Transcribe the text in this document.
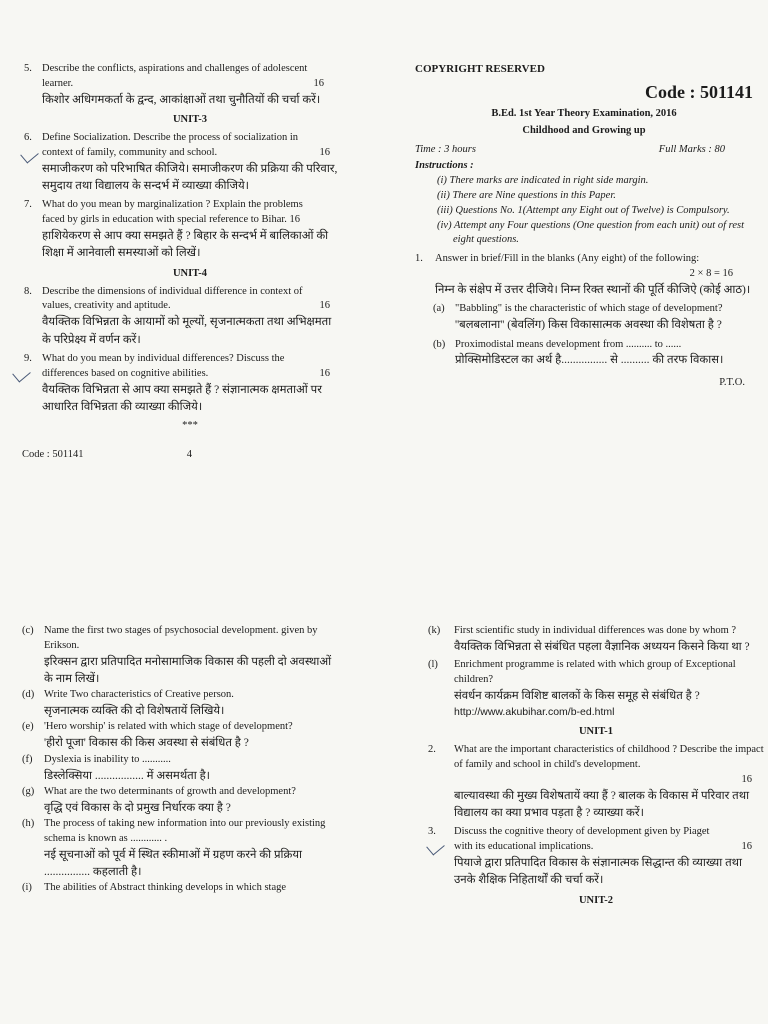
5. Describe the conflicts, aspirations and challenges of adolescent
learner.	16
किशोर अधिगमकर्ता के द्वन्द, आकांक्षाओं तथा चुनौतियों की चर्चा करें।
UNIT-3
6. Define Socialization. Describe the process of socialization in
context of family, community and school.	16
समाजीकरण को परिभाषित कीजिये। समाजीकरण की प्रक्रिया की परिवार, समुदाय तथा विद्यालय के सन्दर्भ में व्याख्या कीजिये।
7. What do you mean by marginalization ? Explain the problems
faced by girls in education with special reference to Bihar. 16
हाशियेकरण से आप क्या समझते हैं ? बिहार के सन्दर्भ में बालिकाओं की शिक्षा में आनेवाली समस्याओं को लिखें।
UNIT-4
8. Describe the dimensions of individual difference in context of
values, creativity and aptitude.	16
वैयक्तिक विभिन्नता के आयामों को मूल्यों, सृजनात्मकता तथा अभिक्षमता के परिप्रेक्ष्य में वर्णन करें।
9. What do you mean by individual differences? Discuss the
differences based on cognitive abilities.	16
वैयक्तिक विभिन्नता से आप क्या समझते हैं ? संज्ञानात्मक क्षमताओं पर आधारित विभिन्नता की व्याख्या कीजिये।
***
Code : 501141	4
COPYRIGHT RESERVED
Code : 501141
B.Ed. 1st Year Theory Examination, 2016
Childhood and Growing up
Time : 3 hours	Full Marks : 80
Instructions :
(i) There marks are indicated in right side margin.
(ii) There are Nine questions in this Paper.
(iii) Questions No. 1(Attempt any Eight out of Twelve) is Compulsory.
(iv) Attempt any Four questions (One question from each unit) out of rest eight questions.
1.	Answer in brief/Fill in the blanks (Any eight) of the following:
2 × 8 = 16
निम्न के संक्षेप में उत्तर दीजिये। निम्न रिक्त स्थानों की पूर्ति कीजिऐ (कोई आठ)।
(a) "Babbling" is the characteristic of which stage of development?
''बलबलाना'' (बेवलिंग) किस विकासात्मक अवस्था की विशेषता है ?
(b) Proximodistal means development from .......... to ......
प्रोक्सिमोडिस्टल का अर्थ है................ से .......... की तरफ विकास।
P.T.O.
(c) Name the first two stages of psychosocial development. given by Erikson.
इरिक्सन द्वारा प्रतिपादित मनोसामाजिक विकास की पहली दो अवस्थाओं के नाम लिखें।
(d) Write Two characteristics of Creative person.
सृजनात्मक व्यक्ति की दो विशेषतायें लिखिये।
(e) 'Hero worship' is related with which stage of development?
'हीरो पूजा' विकास की किस अवस्था से संबंधित है ?
(f) Dyslexia is inability to ...........
डिस्लेक्सिया ................. में असमर्थता है।
(g) What are the two determinants of growth and development?
वृद्धि एवं विकास के दो प्रमुख निर्धारक क्या है ?
(h) The process of taking new information into our previously existing schema is known as ............ .
नई सूचनाओं को पूर्व में स्थित स्कीमाओं में ग्रहण करने की प्रक्रिया ................ कहलाती है।
(i) The abilities of Abstract thinking develops in which stage
(k) First scientific study in individual differences was done by whom ?
वैयक्तिक विभिन्नता से संबंधित पहला वैज्ञानिक अध्ययन किसने किया था ?
(l) Enrichment programme is related with which group of Exceptional children?
संवर्धन कार्यक्रम विशिष्ट बालकों के किस समूह से संबंधित है ?
http://www.akubihar.com/b-ed.html
UNIT-1
2. What are the important characteristics of childhood ? Describe the impact of family and school in child's development.
16
बाल्यावस्था की मुख्य विशेषतायें क्या हैं ? बालक के विकास में परिवार तथा विद्यालय का क्या प्रभाव पड़ता है ? व्याख्या करें।
3. Discuss the cognitive theory of development given by Piaget
with its educational implications.	16
पियाजे द्वारा प्रतिपादित विकास के संज्ञानात्मक सिद्धान्त की व्याख्या तथा उनके शैक्षिक निहितार्थों की चर्चा करें।
UNIT-2
